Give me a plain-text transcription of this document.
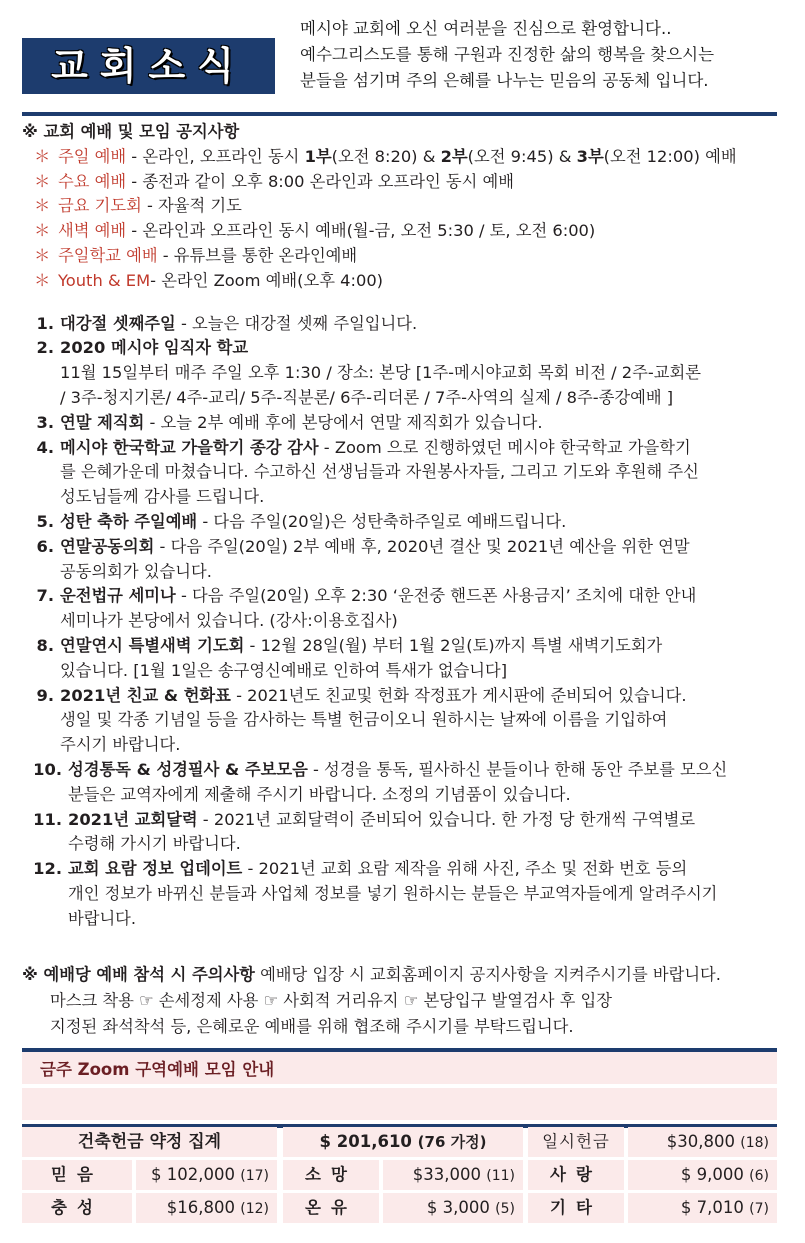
교회소식
메시야 교회에 오신 여러분을 진심으로 환영합니다..
예수그리스도를 통해 구원과 진정한 삶의 행복을 찾으시는
분들을 섬기며 주의 은혜를 나누는 믿음의 공동체 입니다.
※ 교회 예배 및 모임 공지사항
＊ 주일 예배 - 온라인, 오프라인 동시 1부(오전 8:20) & 2부(오전 9:45) & 3부(오전 12:00) 예배
＊ 수요 예배 - 종전과 같이 오후 8:00 온라인과 오프라인 동시 예배
＊ 금요 기도회 - 자율적 기도
＊ 새벽 예배 - 온라인과 오프라인 동시 예배(월-금, 오전 5:30 / 토, 오전 6:00)
＊ 주일학교 예배 - 유튜브를 통한 온라인예배
＊ Youth & EM- 온라인 Zoom 예배(오후 4:00)
1. 대강절 셋째주일 - 오늘은 대강절 셋째 주일입니다.
2. 2020 메시야 임직자 학교
11월 15일부터 매주 주일 오후 1:30 / 장소: 본당 [1주-메시야교회 목회 비전 / 2주-교회론
/ 3주-청지기론/ 4주-교리/ 5주-직분론/ 6주-리더론 / 7주-사역의 실제 / 8주-종강예배 ]
3. 연말 제직회 - 오늘 2부 예배 후에 본당에서 연말 제직회가 있습니다.
4. 메시야 한국학교 가을학기 종강 감사 - Zoom 으로 진행하였던 메시야 한국학교 가을학기
를 은혜가운데 마쳤습니다. 수고하신 선생님들과 자원봉사자들, 그리고 기도와 후원해 주신
성도님들께 감사를 드립니다.
5. 성탄 축하 주일예배 - 다음 주일(20일)은 성탄축하주일로 예배드립니다.
6. 연말공동의회 - 다음 주일(20일) 2부 예배 후, 2020년 결산 및 2021년 예산을 위한 연말
공동의회가 있습니다.
7. 운전법규 세미나 - 다음 주일(20일) 오후 2:30 ‘운전중 핸드폰 사용금지’ 조치에 대한 안내
세미나가 본당에서 있습니다. (강사:이용호집사)
8. 연말연시 특별새벽 기도회 - 12월 28일(월) 부터 1월 2일(토)까지 특별 새벽기도회가
있습니다. [1월 1일은 송구영신예배로 인하여 특새가 없습니다]
9. 2021년 친교 & 헌화표 - 2021년도 친교및 헌화 작정표가 게시판에 준비되어 있습니다.
생일 및 각종 기념일 등을 감사하는 특별 헌금이오니 원하시는 날짜에 이름을 기입하여
주시기 바랍니다.
10. 성경통독 & 성경필사 & 주보모음 - 성경을 통독, 필사하신 분들이나 한해 동안 주보를 모으신
분들은 교역자에게 제출해 주시기 바랍니다. 소정의 기념품이 있습니다.
11. 2021년 교회달력 - 2021년 교회달력이 준비되어 있습니다. 한 가정 당 한개씩 구역별로
수령해 가시기 바랍니다.
12. 교회 요람 정보 업데이트 - 2021년 교회 요람 제작을 위해 사진, 주소 및 전화 번호 등의
개인 정보가 바뀌신 분들과 사업체 정보를 넣기 원하시는 분들은 부교역자들에게 알려주시기
바랍니다.
※ 예배당 예배 참석 시 주의사항 예배당 입장 시 교회홈페이지 공지사항을 지켜주시기를 바랍니다.
마스크 착용 ☞ 손세정제 사용 ☞ 사회적 거리유지 ☞ 본당입구 발열검사 후 입장
지정된 좌석착석 등, 은혜로운 예배를 위해 협조해 주시기를 부탁드립니다.
금주 Zoom 구역예배 모임 안내
건축헌금 약정 집계	$ 201,610 (76 가정)	일시헌금	$30,800 (18)
믿음	$ 102,000 (17)	소망	$33,000 (11)	사랑	$ 9,000 (6)
충성	$16,800 (12)	온유	$ 3,000 (5)	기타	$ 7,010 (7)
